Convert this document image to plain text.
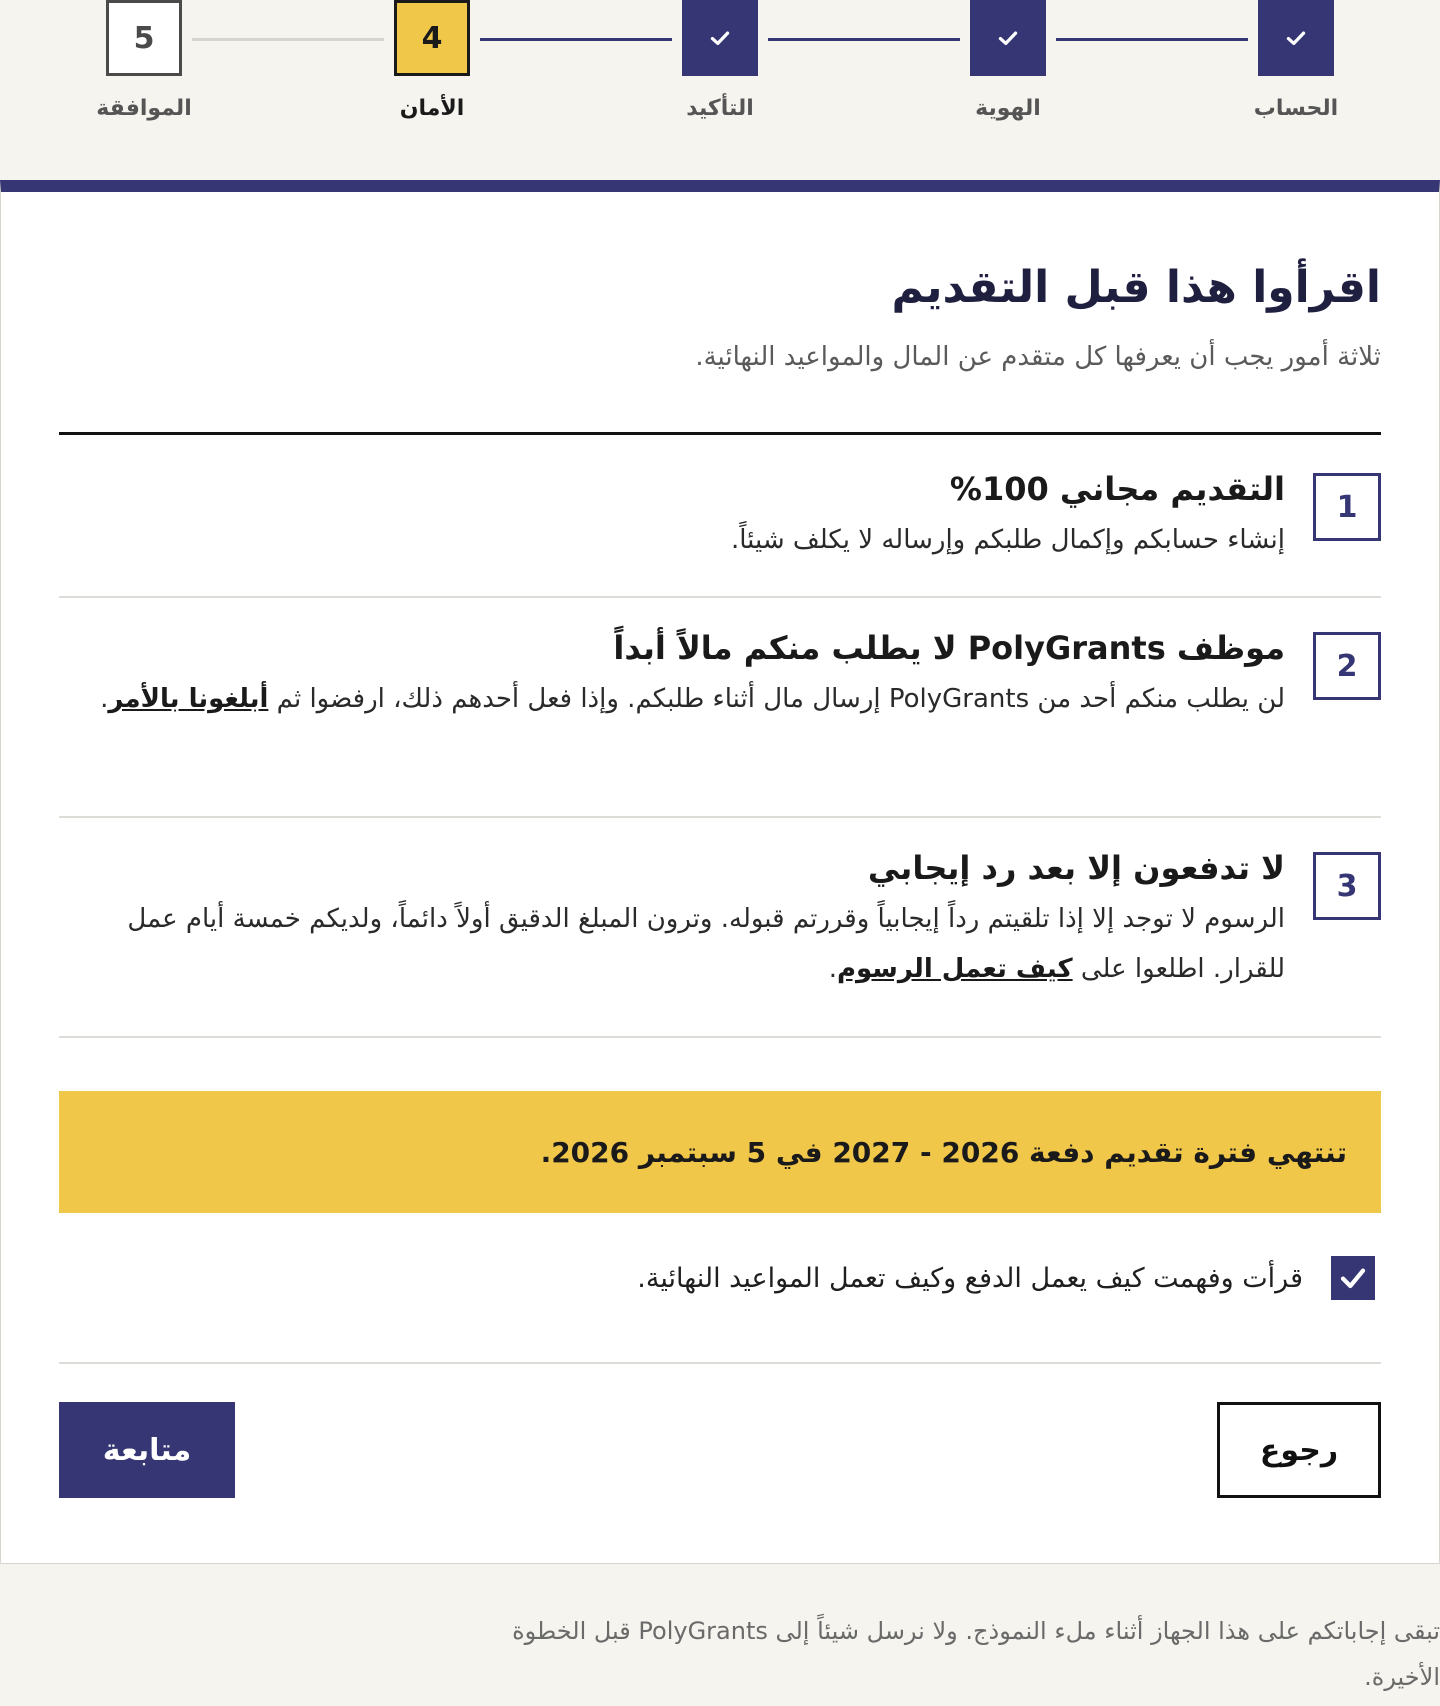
الحساب
الهوية
التأكيد
4
الأمان
5
الموافقة
اقرأوا هذا قبل التقديم

ثلاثة أمور يجب أن يعرفها كل متقدم عن المال والمواعيد النهائية.

1
التقديم مجاني 100%
إنشاء حسابكم وإكمال طلبكم وإرساله لا يكلف شيئاً.
2
موظف PolyGrants لا يطلب منكم مالاً أبداً
لن يطلب منكم أحد من PolyGrants إرسال مال أثناء طلبكم. وإذا فعل أحدهم ذلك، ارفضوا ثم أبلغونا بالأمر.
3
لا تدفعون إلا بعد رد إيجابي
الرسوم لا توجد إلا إذا تلقيتم رداً إيجابياً وقررتم قبوله. وترون المبلغ الدقيق أولاً دائماً، ولديكم خمسة أيام عمل للقرار. اطلعوا على كيف تعمل الرسوم.
تنتهي فترة تقديم دفعة 2026 - 2027 في 5 سبتمبر 2026.
قرأت وفهمت كيف يعمل الدفع وكيف تعمل المواعيد النهائية.
رجوع
متابعة

تبقى إجاباتكم على هذا الجهاز أثناء ملء النموذج. ولا نرسل شيئاً إلى PolyGrants قبل الخطوة الأخيرة.
